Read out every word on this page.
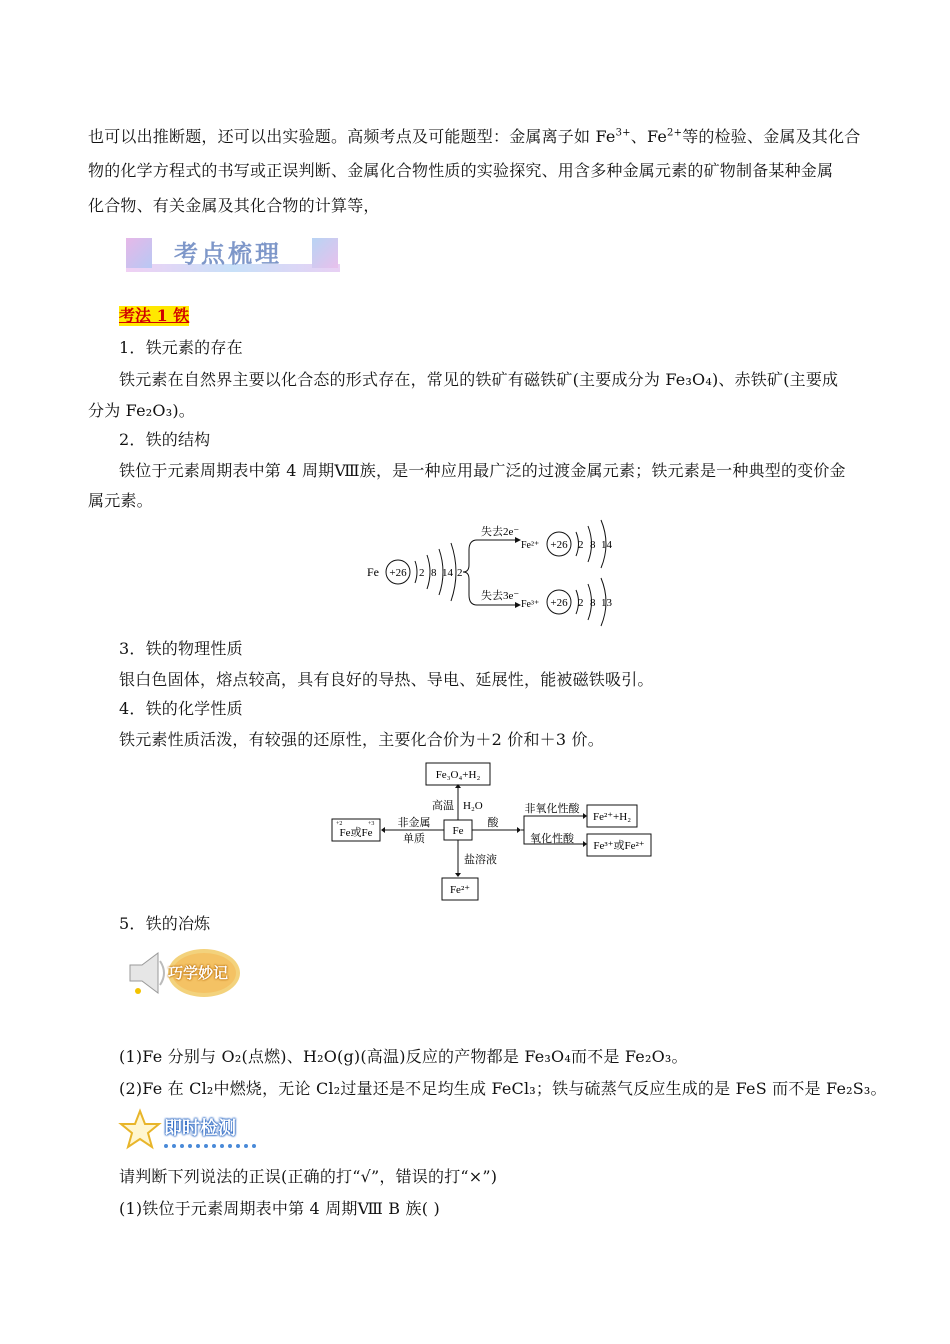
也可以出推断题，还可以出实验题。高频考点及可能题型：金属离子如 $Fe^{3+}$、$Fe^{2+}$等的检验、金属及其化合
物的化学方程式的书写或正误判断、金属化合物性质的实验探究、用含多种金属元素的矿物制备某种金属
化合物、有关金属及其化合物的计算等，
考点梳理
考法 1 铁
1．铁元素的存在
铁元素在自然界主要以化合态的形式存在，常见的铁矿有磁铁矿(主要成分为 Fe₃O₄)、赤铁矿(主要成
分为 Fe₂O₃)。
2．铁的结构
铁位于元素周期表中第 4 周期Ⅷ族，是一种应用最广泛的过渡金属元素；铁元素是一种典型的变价金
属元素。
Fe +26 2 8 14 2
失去2e⁻
失去3e⁻
Fe²⁺
Fe³⁺
+26 2 8 14
+26 2 8 13
3．铁的物理性质
银白色固体，熔点较高，具有良好的导热、导电、延展性，能被磁铁吸引。
4．铁的化学性质
铁元素性质活泼，有较强的还原性，主要化合价为＋2 价和＋3 价。
Fe₃O₄+H₂
高温 H₂O
Fe
+2	+3
Fe或Fe
非金属
单质
酸
非氧化性酸
氧化性酸
Fe²⁺+H₂
Fe³⁺或Fe²⁺
盐溶液
Fe²⁺
5．铁的冶炼
巧学妙记
(1)Fe 分别与 O₂(点燃)、H₂O(g)(高温)反应的产物都是 Fe₃O₄而不是 Fe₂O₃。
(2)Fe 在 Cl₂中燃烧，无论 Cl₂过量还是不足均生成 FeCl₃；铁与硫蒸气反应生成的是 FeS 而不是 Fe₂S₃。
即时检测
请判断下列说法的正误(正确的打“√”，错误的打“×”)
(1)铁位于元素周期表中第 4 周期Ⅷ B 族( )
